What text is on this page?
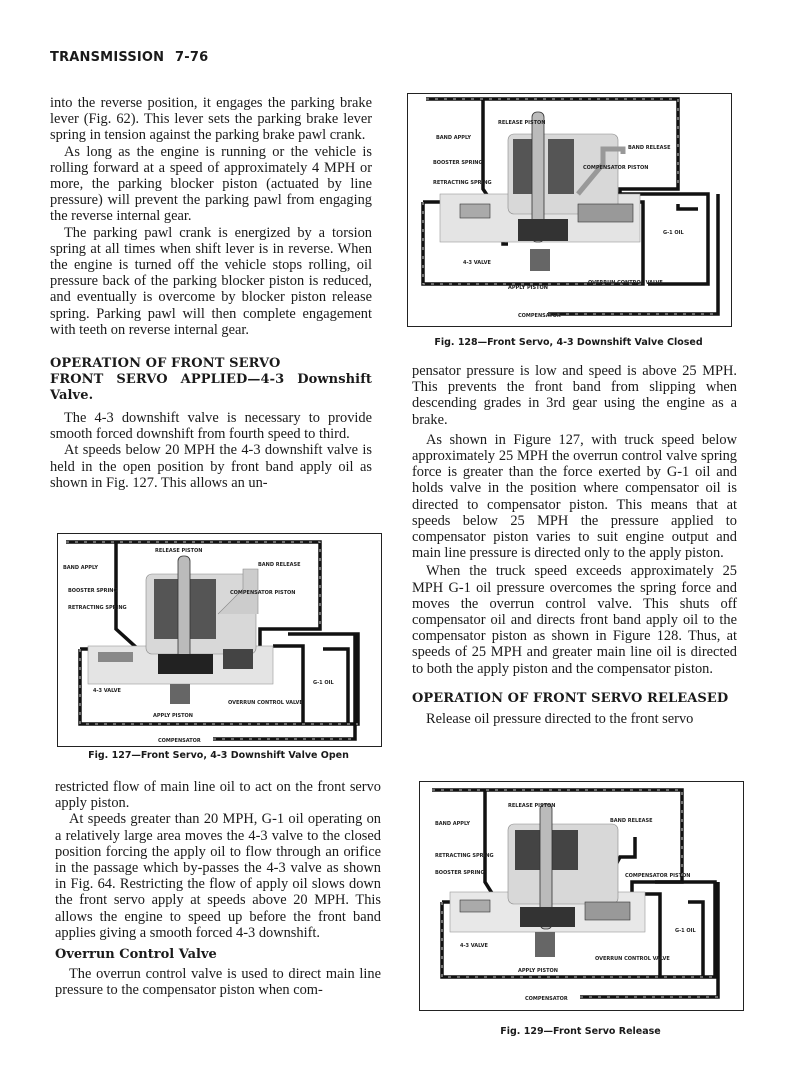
TRANSMISSION 7-76

into the reverse position, it engages the parking brake lever (Fig. 62). This lever sets the parking brake lever spring in tension against the parking brake pawl crank.

As long as the engine is running or the vehicle is rolling forward at a speed of approximately 4 MPH or more, the parking blocker piston (actuated by line pressure) will prevent the parking pawl from engaging the reverse internal gear.

The parking pawl crank is energized by a torsion spring at all times when shift lever is in reverse. When the engine is turned off the vehicle stops rolling, oil pressure back of the parking blocker piston is reduced, and eventually is overcome by blocker piston release spring. Parking pawl will then complete engagement with teeth on reverse internal gear.

OPERATION OF FRONT SERVO
FRONT SERVO APPLIED—4-3 Downshift Valve.

The 4-3 downshift valve is necessary to provide smooth forced downshift from fourth speed to third.

At speeds below 20 MPH the 4-3 downshift valve is held in the open position by front band apply oil as shown in Fig. 127. This allows an un-

BAND APPLY
RELEASE PISTON
BOOSTER SPRING
RETRACTING SPRING
BAND RELEASE
COMPENSATOR PISTON
4-3 VALVE
APPLY PISTON
OVERRUN CONTROL VALVE
G-1 OIL
COMPENSATOR
Fig. 127—Front Servo, 4-3 Downshift Valve Open

restricted flow of main line oil to act on the front servo apply piston.

At speeds greater than 20 MPH, G-1 oil operating on a relatively large area moves the 4-3 valve to the closed position forcing the apply oil to flow through an orifice in the passage which by-passes the 4-3 valve as shown in Fig. 64. Restricting the flow of apply oil slows down the front servo apply at speeds above 20 MPH. This allows the engine to speed up before the front band applies giving a smooth forced 4-3 downshift.

Overrun Control Valve

The overrun control valve is used to direct main line pressure to the compensator piston when com-

BAND APPLY
RELEASE PISTON
BOOSTER SPRING
RETRACTING SPRING
BAND RELEASE
COMPENSATOR PISTON
4-3 VALVE
APPLY PISTON
OVERRUN CONTROL VALVE
G-1 OIL
COMPENSATOR
Fig. 128—Front Servo, 4-3 Downshift Valve Closed

pensator pressure is low and speed is above 25 MPH. This prevents the front band from slipping when descending grades in 3rd gear using the engine as a brake.

As shown in Figure 127, with truck speed below approximately 25 MPH the overrun control valve spring force is greater than the force exerted by G-1 oil and holds valve in the position where compensator oil is directed to compensator piston. This means that at speeds below 25 MPH the pressure applied to compensator piston varies to suit engine output and main line pressure is directed only to the apply piston.

When the truck speed exceeds approximately 25 MPH G-1 oil pressure overcomes the spring force and moves the overrun control valve. This shuts off compensator oil and directs front band apply oil to the compensator piston as shown in Figure 128. Thus, at speeds of 25 MPH and greater main line oil is directed to both the apply piston and the compensator piston.

OPERATION OF FRONT SERVO RELEASED

Release oil pressure directed to the front servo

BAND APPLY
RELEASE PISTON
RETRACTING SPRING
BOOSTER SPRING
BAND RELEASE
COMPENSATOR PISTON
4-3 VALVE
APPLY PISTON
OVERRUN CONTROL VALVE
G-1 OIL
COMPENSATOR
Fig. 129—Front Servo Release
